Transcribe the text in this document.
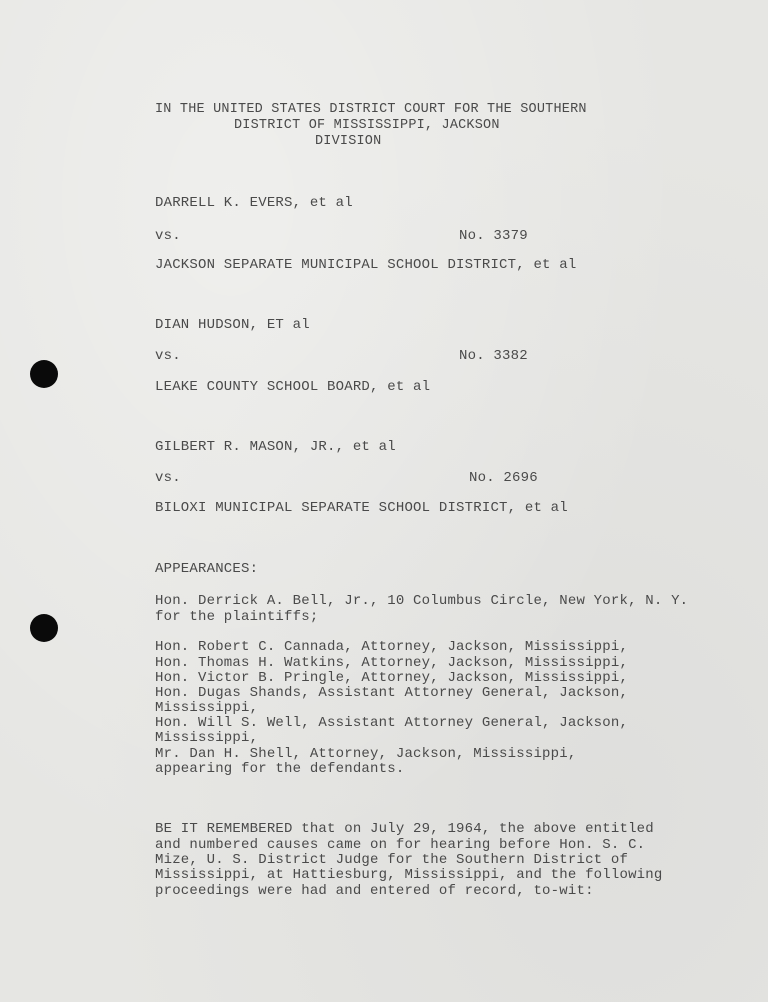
IN THE UNITED STATES DISTRICT COURT FOR THE SOUTHERN
DISTRICT OF MISSISSIPPI, JACKSON
DIVISION
DARRELL K. EVERS, et al
vs.	No. 3379
JACKSON SEPARATE MUNICIPAL SCHOOL DISTRICT, et al
DIAN HUDSON, ET al
vs.	No. 3382
LEAKE COUNTY SCHOOL BOARD, et al
GILBERT R. MASON, JR., et al
vs.	No. 2696
BILOXI MUNICIPAL SEPARATE SCHOOL DISTRICT, et al
APPEARANCES:
Hon. Derrick A. Bell, Jr., 10 Columbus Circle, New York, N. Y.
for the plaintiffs;
Hon. Robert C. Cannada, Attorney, Jackson, Mississippi,
Hon. Thomas H. Watkins, Attorney, Jackson, Mississippi,
Hon. Victor B. Pringle, Attorney, Jackson, Mississippi,
Hon. Dugas Shands, Assistant Attorney General, Jackson,
Mississippi,
Hon. Will S. Well, Assistant Attorney General, Jackson,
Mississippi,
Mr. Dan H. Shell, Attorney, Jackson, Mississippi,
appearing for the defendants.
BE IT REMEMBERED that on July 29, 1964, the above entitled
and numbered causes came on for hearing before Hon. S. C.
Mize, U. S. District Judge for the Southern District of
Mississippi, at Hattiesburg, Mississippi, and the following
proceedings were had and entered of record, to-wit:
